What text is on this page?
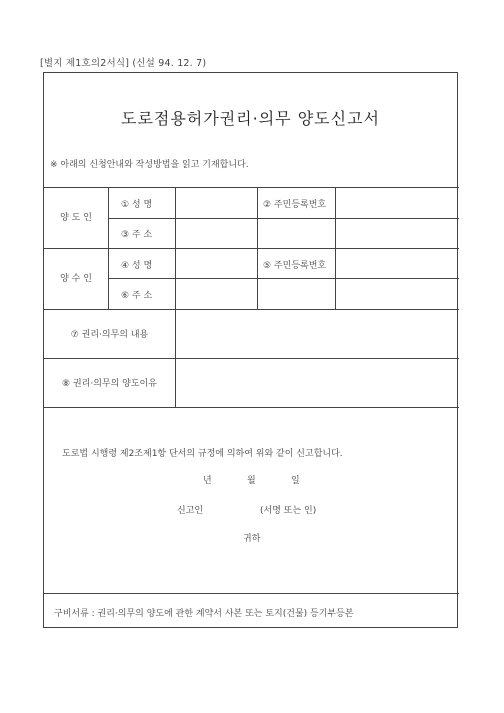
[별지 제1호의2서식] (신설 94. 12. 7)
도로점용허가권리·의무 양도신고서
※ 아래의 신청안내와 작성방법을 읽고 기재합니다.
양 도 인
① 성 명	② 주민등록번호
③ 주 소
양 수 인
④ 성 명	⑤ 주민등록번호
⑥ 주 소
⑦ 권리·의무의 내용
⑧ 권리·의무의 양도이유
도로법 시행령 제2조제1항 단서의 규정에 의하여 위와 같이 신고합니다.
년	월	일
신고인	(서명 또는 인)
귀하
구비서류 : 권리·의무의 양도에 관한 계약서 사본 또는 토지(건물) 등기부등본
